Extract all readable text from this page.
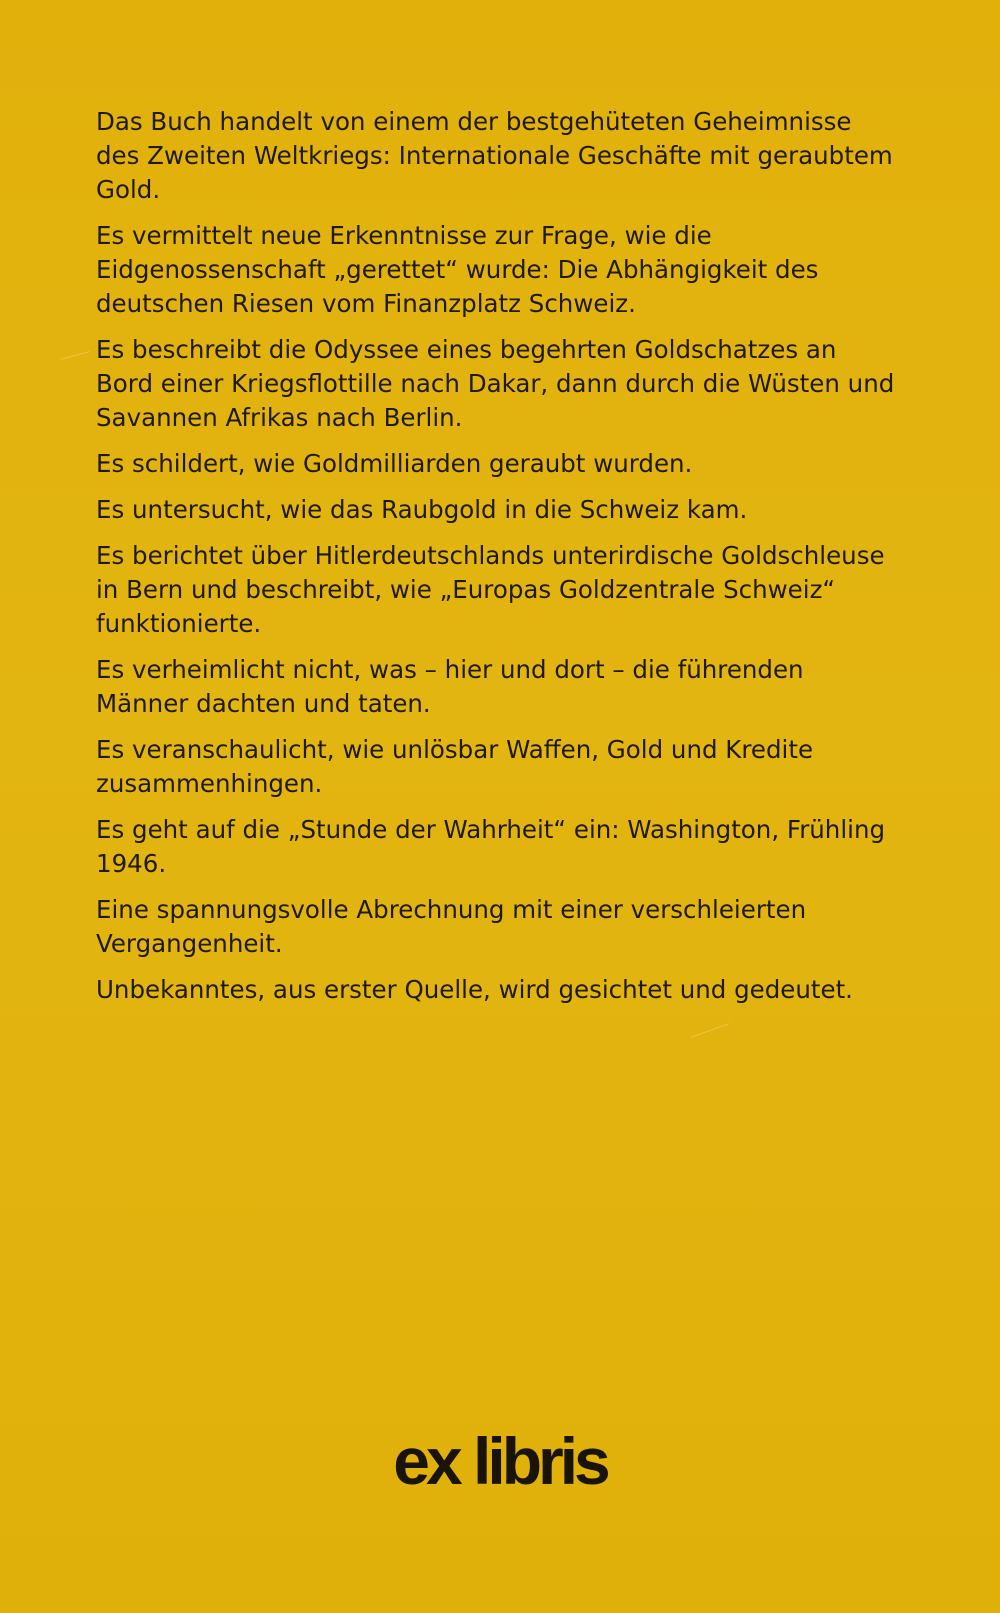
Das Buch handelt von einem der bestgehüteten Geheimnisse des Zweiten Weltkriegs: Internationale Geschäfte mit geraubtem Gold.

Es vermittelt neue Erkenntnisse zur Frage, wie die Eidgenossenschaft „gerettet“ wurde: Die Abhängigkeit des deutschen Riesen vom Finanzplatz Schweiz.

Es beschreibt die Odyssee eines begehrten Goldschatzes an Bord einer Kriegsflottille nach Dakar, dann durch die Wüsten und Savannen Afrikas nach Berlin.

Es schildert, wie Goldmilliarden geraubt wurden.

Es untersucht, wie das Raubgold in die Schweiz kam.

Es berichtet über Hitlerdeutschlands unterirdische Goldschleuse in Bern und beschreibt, wie „Europas Goldzentrale Schweiz“ funktionierte.

Es verheimlicht nicht, was – hier und dort – die führenden Männer dachten und taten.

Es veranschaulicht, wie unlösbar Waffen, Gold und Kredite zusammenhingen.

Es geht auf die „Stunde der Wahrheit“ ein: Washington, Frühling 1946.

Eine spannungsvolle Abrechnung mit einer verschleierten Vergangenheit.

Unbekanntes, aus erster Quelle, wird gesichtet und gedeutet.

ex libris
